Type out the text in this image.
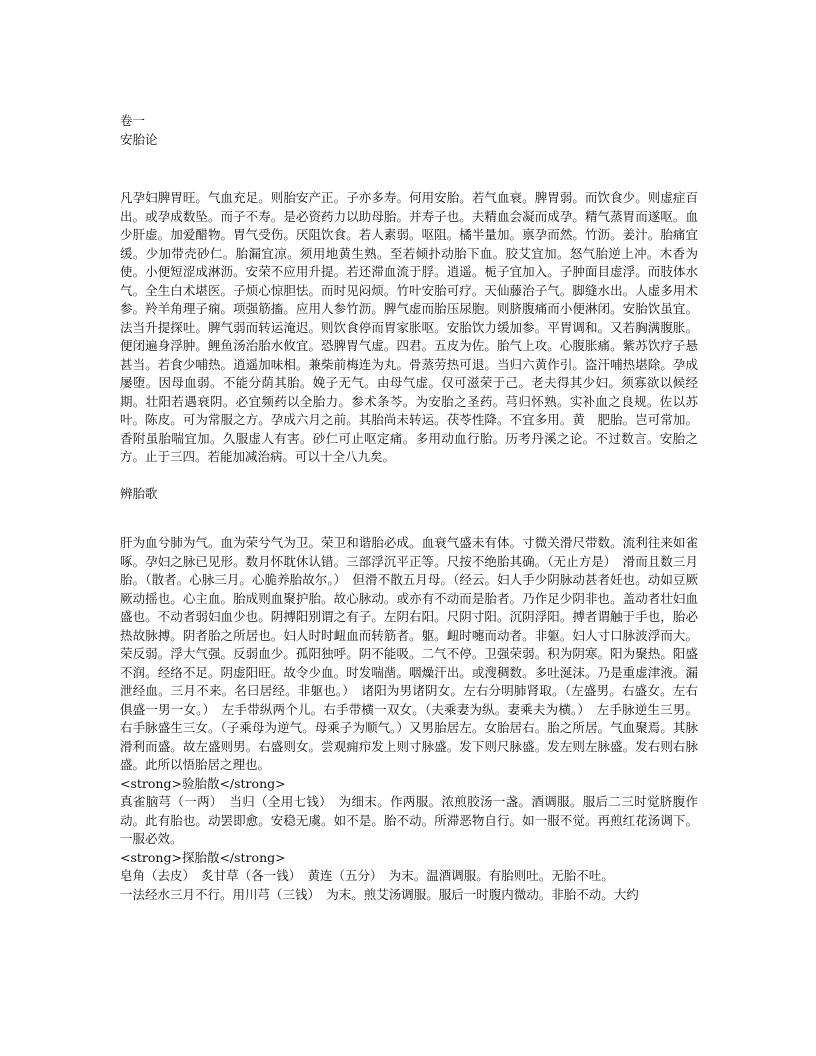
卷一
安胎论
凡孕妇脾胃旺。气血充足。则胎安产正。子亦多寿。何用安胎。若气血衰。脾胃弱。而饮食少。则虚症百出。或孕成数坠。而子不寿。是必资药力以助母胎。并寿子也。夫精血会凝而成孕。精气蒸胃而遂呕。血少肝虚。加爱醋物。胃气受伤。厌阻饮食。若人素弱。呕阻。橘半量加。禀孕而然。竹沥。姜汁。胎痛宜缓。少加带壳砂仁。胎漏宜凉。须用地黄生熟。至若倾扑动胎下血。胶艾宜加。怒气胎逆上冲。木香为使。小便短涩成淋沥。安荣不应用升提。若还滞血流于脬。逍遥。栀子宜加入。子肿面目虚浮。而肢体水气。全生白术堪医。子烦心惊胆怯。而时见闷烦。竹叶安胎可疗。天仙藤治子气。脚缝水出。人虚多用术参。羚羊角理子痫。项强筋搐。应用人参竹沥。脾气虚而胎压尿胞。则脐腹痛而小便淋闭。安胎饮虽宜。法当升提探吐。脾气弱而转运淹迟。则饮食停而胃家胀呕。安胎饮力缓加参。平胃调和。又若胸满腹胀。便闭遍身浮肿。鲤鱼汤治胎水攸宜。恐脾胃气虚。四君。五皮为佐。胎气上攻。心腹胀痛。紫苏饮疗子悬甚当。若食少哺热。逍遥加味相。兼柴前梅连为丸。骨蒸劳热可退。当归六黄作引。盗汗哺热堪除。孕成屡堕。因母血弱。不能分荫其胎。娩子无气。由母气虚。仅可滋荣于己。老夫得其少妇。须寡欲以候经期。壮阳若遇衰阴。必宜频药以全胎力。参术条芩。为安胎之圣药。芎归怀熟。实补血之良规。佐以苏叶。陈皮。可为常服之方。孕成六月之前。其胎尚未转运。茯苓性降。不宜多用。黄　肥胎。岂可常加。香附虽胎喘宜加。久服虚人有害。砂仁可止呕定痛。多用动血行胎。历考丹溪之论。不过数言。安胎之方。止于三四。若能加减治病。可以十全八九矣。
辨胎歌
肝为血兮肺为气。血为荣兮气为卫。荣卫和谐胎必成。血衰气盛未有体。寸微关滑尺带数。流利往来如雀啄。孕妇之脉已见形。数月怀耽休认错。三部浮沉平正等。尺按不绝胎其确。（无止方是）　滑而且数三月胎。（散者。心脉三月。心脆养胎故尔。）　但滑不散五月母。（经云。妇人手少阴脉动甚者妊也。动如豆厥厥动摇也。心主血。胎成则血聚护胎。故心脉动。或亦有不动而是胎者。乃作足少阴非也。盖动者壮妇血盛也。不动者弱妇血少也。阴搏阳别谓之有子。左阴右阳。尺阴寸阳。沉阴浮阳。搏者谓触于手也，胎必热故脉搏。阴者胎之所居也。妇人时时衄血而转筋者。躯。衄时嚏而动者。非躯。妇人寸口脉波浮而大。荣反弱。浮大气强。反弱血少。孤阳独呼。阴不能吸。二气不停。卫强荣弱。积为阴寒。阳为聚热。阳盛不润。经络不足。阴虚阳旺。故令少血。时发喘凿。咽燥汗出。或溲稠数。多吐涎沫。乃是重虚津液。漏泄经血。三月不来。名曰居经。非躯也。）　诸阳为男诸阴女。左右分明肺肾取。（左盛男。右盛女。左右俱盛一男一女。）　左手带纵两个儿。右手带横一双女。（夫乘妻为纵。妻乘夫为横。）　左手脉逆生三男。右手脉盛生三女。（子乘母为逆气。母乘子为顺气。）又男胎居左。女胎居右。胎之所居。气血聚焉。其脉滑利而盛。故左盛则男。右盛则女。尝观痈疖发上则寸脉盛。发下则尺脉盛。发左则左脉盛。发右则右脉盛。此所以悟胎居之理也。
<strong>验胎散</strong>
真雀脑芎（一两）　当归（全用七钱）　为细末。作两服。浓煎胶汤一盏。酒调服。服后二三时觉脐腹作动。此有胎也。动罢即愈。安稳无虞。如不是。胎不动。所滞恶物自行。如一服不觉。再煎红花汤调下。一服必效。
<strong>探胎散</strong>
皂角（去皮）　炙甘草（各一钱）　黄连（五分）　为末。温酒调服。有胎则吐。无胎不吐。
一法经水三月不行。用川芎（三钱）　为末。煎艾汤调服。服后一时腹内微动。非胎不动。大约
